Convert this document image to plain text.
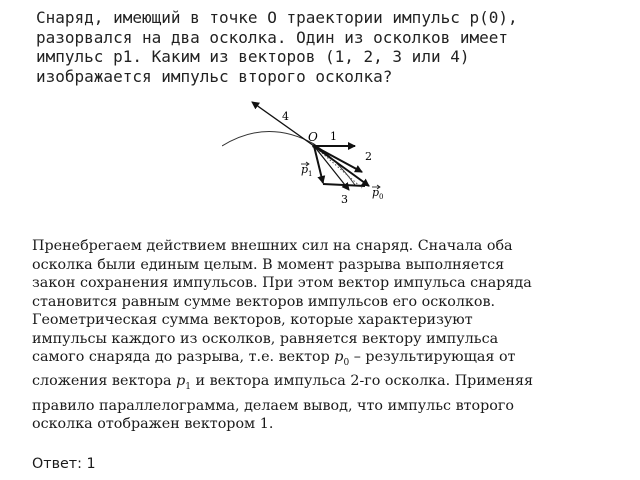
Снаряд, имеющий в точке О траектории импульс p(0),
разорвался на два осколка. Один из осколков имеет
импульс p1. Каким из векторов (1, 2, 3 или 4)
изображается импульс второго осколка?
O
4
1
2
3
p 1
p 0
Пренебрегаем действием внешних сил на снаряд. Сначала оба
осколка были единым целым. В момент разрыва выполняется
закон сохранения импульсов. При этом вектор импульса снаряда
становится равным сумме векторов импульсов его осколков.
Геометрическая сумма векторов, которые характеризуют
импульсы каждого из осколков, равняется вектору импульса
самого снаряда до разрыва, т.е. вектор $p_0$ – результирующая от
сложения вектора $p_1$ и вектора импульса 2-го осколка. Применяя
правило параллелограмма, делаем вывод, что импульс второго
осколка отображен вектором 1.
Ответ: 1
